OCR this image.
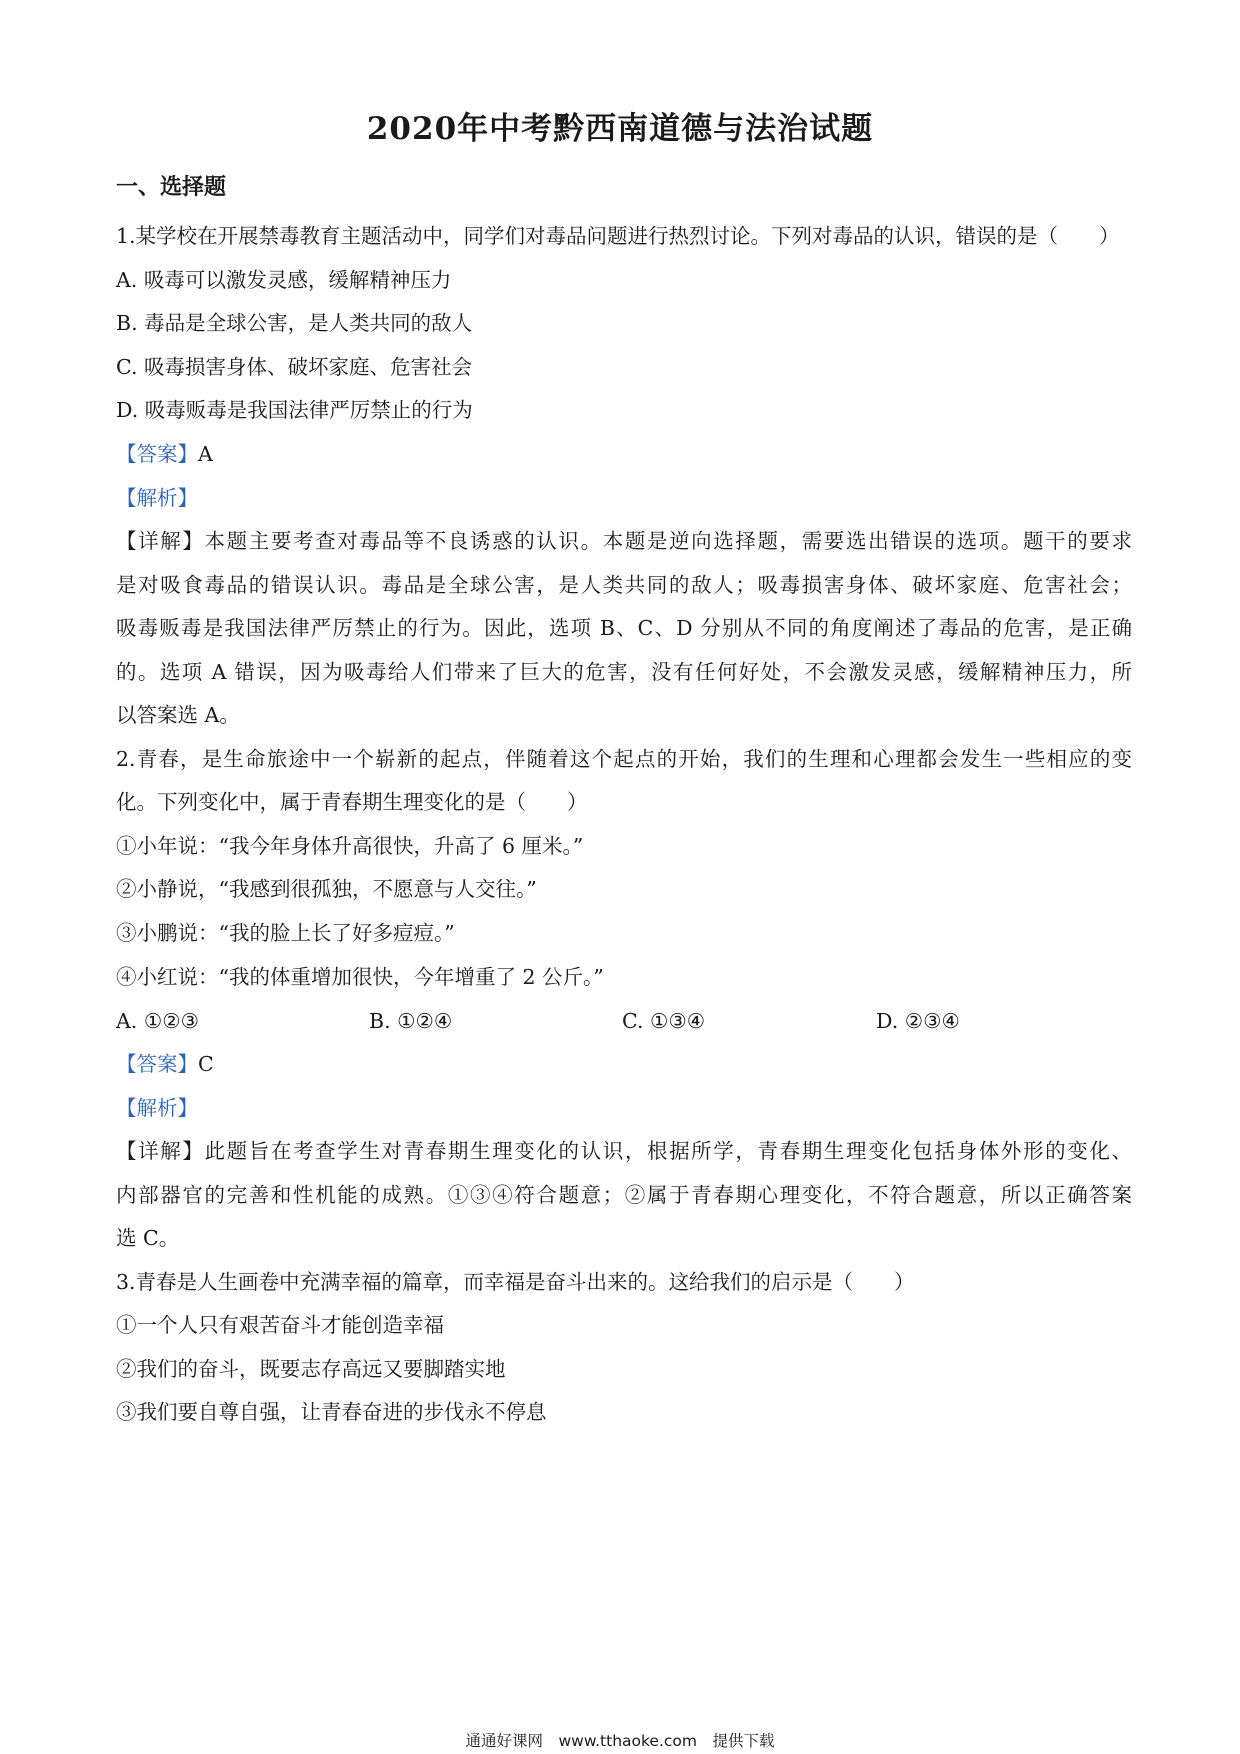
2020年中考黔西南道德与法治试题
一、选择题
1.某学校在开展禁毒教育主题活动中，同学们对毒品问题进行热烈讨论。下列对毒品的认识，错误的是（　　）
A. 吸毒可以激发灵感，缓解精神压力
B. 毒品是全球公害，是人类共同的敌人
C. 吸毒损害身体、破坏家庭、危害社会
D. 吸毒贩毒是我国法律严厉禁止的行为
【答案】A
【解析】
【详解】本题主要考查对毒品等不良诱惑的认识。本题是逆向选择题，需要选出错误的选项。题干的要求
是对吸食毒品的错误认识。毒品是全球公害，是人类共同的敌人；吸毒损害身体、破坏家庭、危害社会；
吸毒贩毒是我国法律严厉禁止的行为。因此，选项 B、C、D 分别从不同的角度阐述了毒品的危害，是正确
的。选项 A 错误，因为吸毒给人们带来了巨大的危害，没有任何好处，不会激发灵感，缓解精神压力，所
以答案选 A。
2.青春，是生命旅途中一个崭新的起点，伴随着这个起点的开始，我们的生理和心理都会发生一些相应的变
化。下列变化中，属于青春期生理变化的是（　　）
①小年说：“我今年身体升高很快，升高了 6 厘米。”
②小静说，“我感到很孤独，不愿意与人交往。”
③小鹏说：“我的脸上长了好多痘痘。”
④小红说：“我的体重增加很快，今年增重了 2 公斤。”
A. ①②③	B. ①②④	C. ①③④	D. ②③④
【答案】C
【解析】
【详解】此题旨在考查学生对青春期生理变化的认识，根据所学，青春期生理变化包括身体外形的变化、
内部器官的完善和性机能的成熟。①③④符合题意；②属于青春期心理变化，不符合题意，所以正确答案
选 C。
3.青春是人生画卷中充满幸福的篇章，而幸福是奋斗出来的。这给我们的启示是（　　）
①一个人只有艰苦奋斗才能创造幸福
②我们的奋斗，既要志存高远又要脚踏实地
③我们要自尊自强，让青春奋进的步伐永不停息
通通好课网　www.tthaoke.com　提供下载
